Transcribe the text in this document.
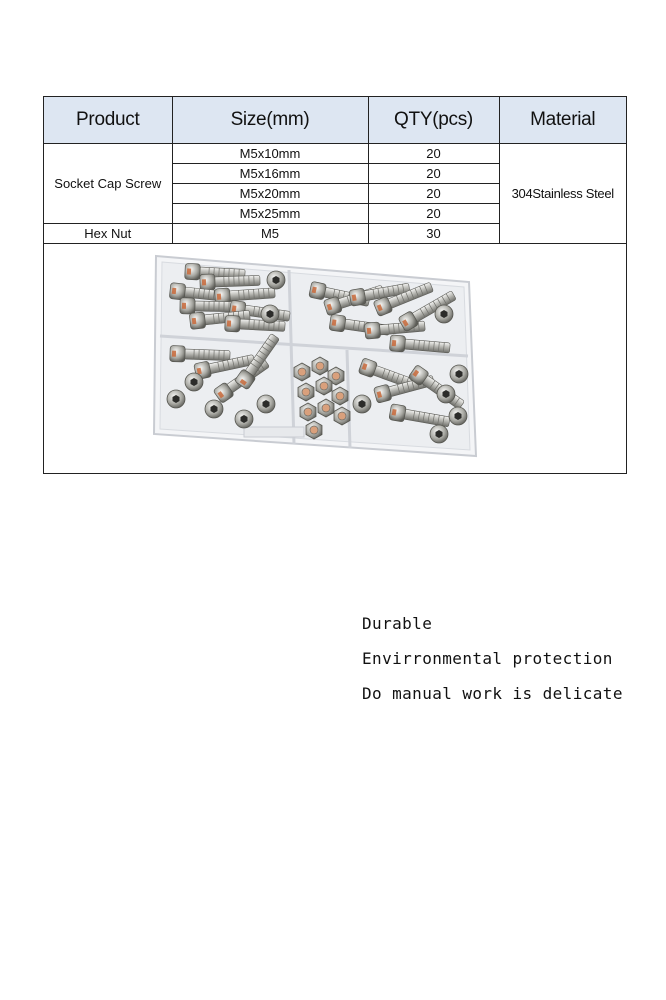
Product	Size(mm)	QTY(pcs)	Material
Socket Cap Screw	M5x10mm	20	304Stainless Steel
	M5x16mm	20	
	M5x20mm	20	
	M5x25mm	20	
Hex Nut	M5	30	
Durable
Envirronmental protection
Do manual work is delicate
